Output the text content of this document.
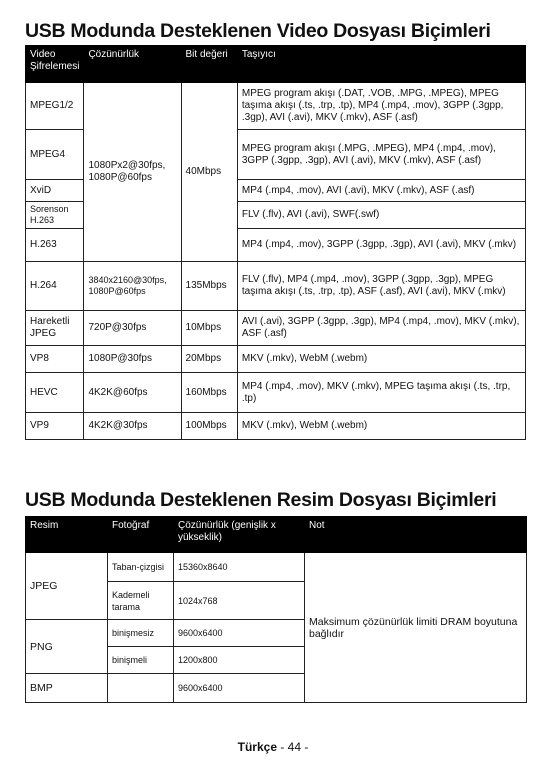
USB Modunda Desteklenen Video Dosyası Biçimleri
Video Şifrelemesi	Çözünürlük	Bit değeri	Taşıyıcı
MPEG1/2	1080Px2@30fps, 1080P@60fps	40Mbps	MPEG program akışı (.DAT, .VOB, .MPG, .MPEG), MPEG taşıma akışı (.ts, .trp, .tp), MP4 (.mp4, .mov), 3GPP (.3gpp, .3gp), AVI (.avi), MKV (.mkv), ASF (.asf)
MPEG4			MPEG program akışı (.MPG, .MPEG), MP4 (.mp4, .mov), 3GPP (.3gpp, .3gp), AVI (.avi), MKV (.mkv), ASF (.asf)
XviD			MP4 (.mp4, .mov), AVI (.avi), MKV (.mkv), ASF (.asf)
Sorenson H.263			FLV (.flv), AVI (.avi), SWF(.swf)
H.263			MP4 (.mp4, .mov), 3GPP (.3gpp, .3gp), AVI (.avi), MKV (.mkv)
H.264	3840x2160@30fps, 1080P@60fps	135Mbps	FLV (.flv), MP4 (.mp4, .mov), 3GPP (.3gpp, .3gp), MPEG taşıma akışı (.ts, .trp, .tp), ASF (.asf), AVI (.avi), MKV (.mkv)
Hareketli JPEG	720P@30fps	10Mbps	AVI (.avi), 3GPP (.3gpp, .3gp), MP4 (.mp4, .mov), MKV (.mkv), ASF (.asf)
VP8	1080P@30fps	20Mbps	MKV (.mkv), WebM (.webm)
HEVC	4K2K@60fps	160Mbps	MP4 (.mp4, .mov), MKV (.mkv), MPEG taşıma akışı (.ts, .trp, .tp)
VP9	4K2K@30fps	100Mbps	MKV (.mkv), WebM (.webm)
USB Modunda Desteklenen Resim Dosyası Biçimleri
Resim	Fotoğraf	Çözünürlük (genişlik x yükseklik)	Not
JPEG	Taban-çizgisi	15360x8640	Maksimum çözünürlük limiti DRAM boyutuna bağlıdır
	Kademeli tarama	1024x768	
PNG	binişmesiz	9600x6400	
	binişmeli	1200x800	
BMP		9600x6400	
Türkçe - 44 -
